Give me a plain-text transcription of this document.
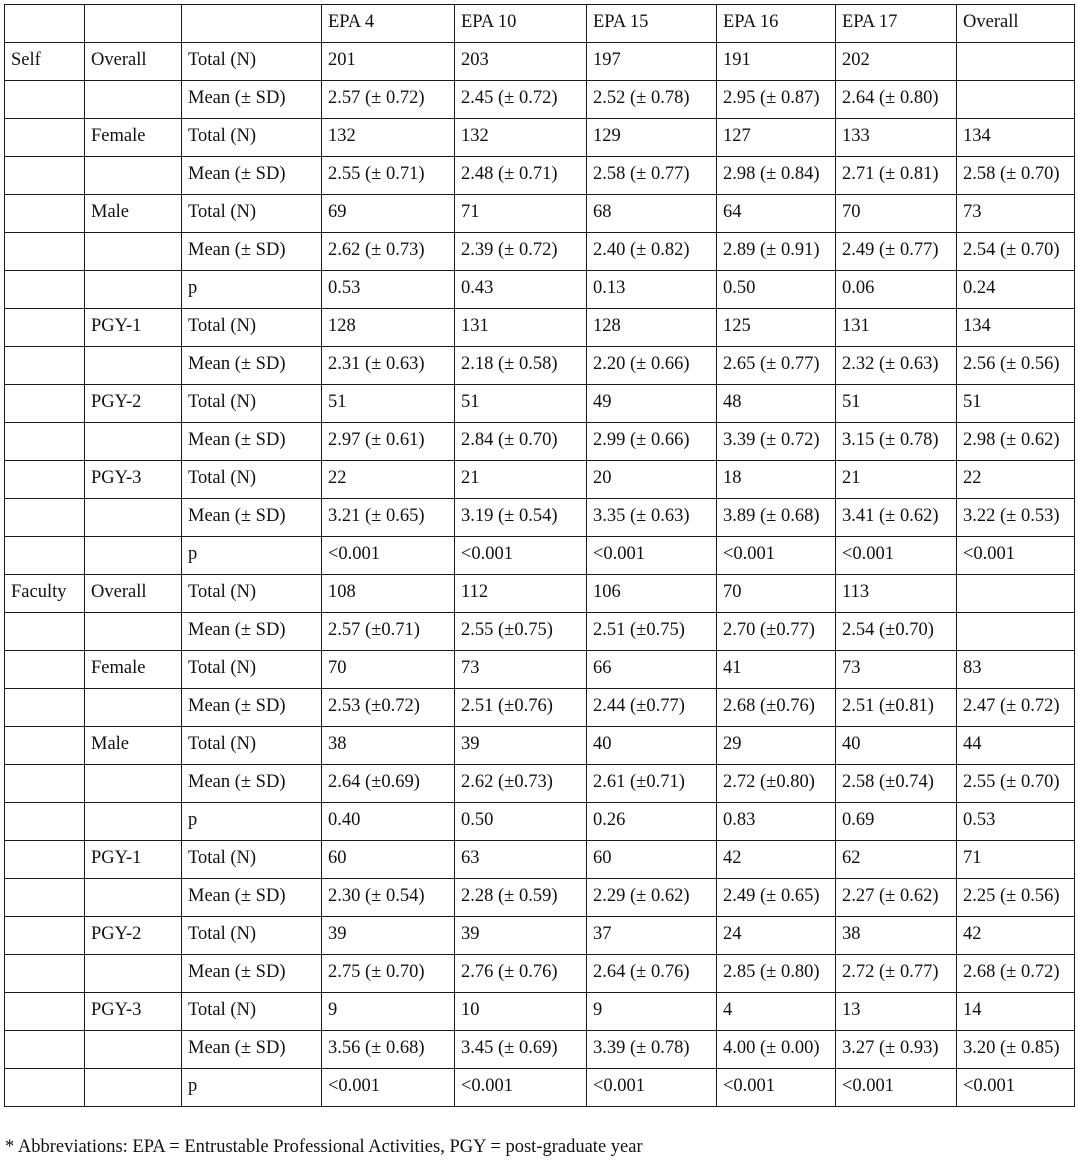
			EPA 4	EPA 10	EPA 15	EPA 16	EPA 17	Overall
Self	Overall	Total (N)	201	203	197	191	202	
		Mean (± SD)	2.57 (± 0.72)	2.45 (± 0.72)	2.52 (± 0.78)	2.95 (± 0.87)	2.64 (± 0.80)	
	Female	Total (N)	132	132	129	127	133	134
		Mean (± SD)	2.55 (± 0.71)	2.48 (± 0.71)	2.58 (± 0.77)	2.98 (± 0.84)	2.71 (± 0.81)	2.58 (± 0.70)
	Male	Total (N)	69	71	68	64	70	73
		Mean (± SD)	2.62 (± 0.73)	2.39 (± 0.72)	2.40 (± 0.82)	2.89 (± 0.91)	2.49 (± 0.77)	2.54 (± 0.70)
		p	0.53	0.43	0.13	0.50	0.06	0.24
	PGY-1	Total (N)	128	131	128	125	131	134
		Mean (± SD)	2.31 (± 0.63)	2.18 (± 0.58)	2.20 (± 0.66)	2.65 (± 0.77)	2.32 (± 0.63)	2.56 (± 0.56)
	PGY-2	Total (N)	51	51	49	48	51	51
		Mean (± SD)	2.97 (± 0.61)	2.84 (± 0.70)	2.99 (± 0.66)	3.39 (± 0.72)	3.15 (± 0.78)	2.98 (± 0.62)
	PGY-3	Total (N)	22	21	20	18	21	22
		Mean (± SD)	3.21 (± 0.65)	3.19 (± 0.54)	3.35 (± 0.63)	3.89 (± 0.68)	3.41 (± 0.62)	3.22 (± 0.53)
		p	<0.001	<0.001	<0.001	<0.001	<0.001	<0.001
Faculty	Overall	Total (N)	108	112	106	70	113	
		Mean (± SD)	2.57 (±0.71)	2.55 (±0.75)	2.51 (±0.75)	2.70 (±0.77)	2.54 (±0.70)	
	Female	Total (N)	70	73	66	41	73	83
		Mean (± SD)	2.53 (±0.72)	2.51 (±0.76)	2.44 (±0.77)	2.68 (±0.76)	2.51 (±0.81)	2.47 (± 0.72)
	Male	Total (N)	38	39	40	29	40	44
		Mean (± SD)	2.64 (±0.69)	2.62 (±0.73)	2.61 (±0.71)	2.72 (±0.80)	2.58 (±0.74)	2.55 (± 0.70)
		p	0.40	0.50	0.26	0.83	0.69	0.53
	PGY-1	Total (N)	60	63	60	42	62	71
		Mean (± SD)	2.30 (± 0.54)	2.28 (± 0.59)	2.29 (± 0.62)	2.49 (± 0.65)	2.27 (± 0.62)	2.25 (± 0.56)
	PGY-2	Total (N)	39	39	37	24	38	42
		Mean (± SD)	2.75 (± 0.70)	2.76 (± 0.76)	2.64 (± 0.76)	2.85 (± 0.80)	2.72 (± 0.77)	2.68 (± 0.72)
	PGY-3	Total (N)	9	10	9	4	13	14
		Mean (± SD)	3.56 (± 0.68)	3.45 (± 0.69)	3.39 (± 0.78)	4.00 (± 0.00)	3.27 (± 0.93)	3.20 (± 0.85)
		p	<0.001	<0.001	<0.001	<0.001	<0.001	<0.001
* Abbreviations: EPA = Entrustable Professional Activities, PGY = post-graduate year
